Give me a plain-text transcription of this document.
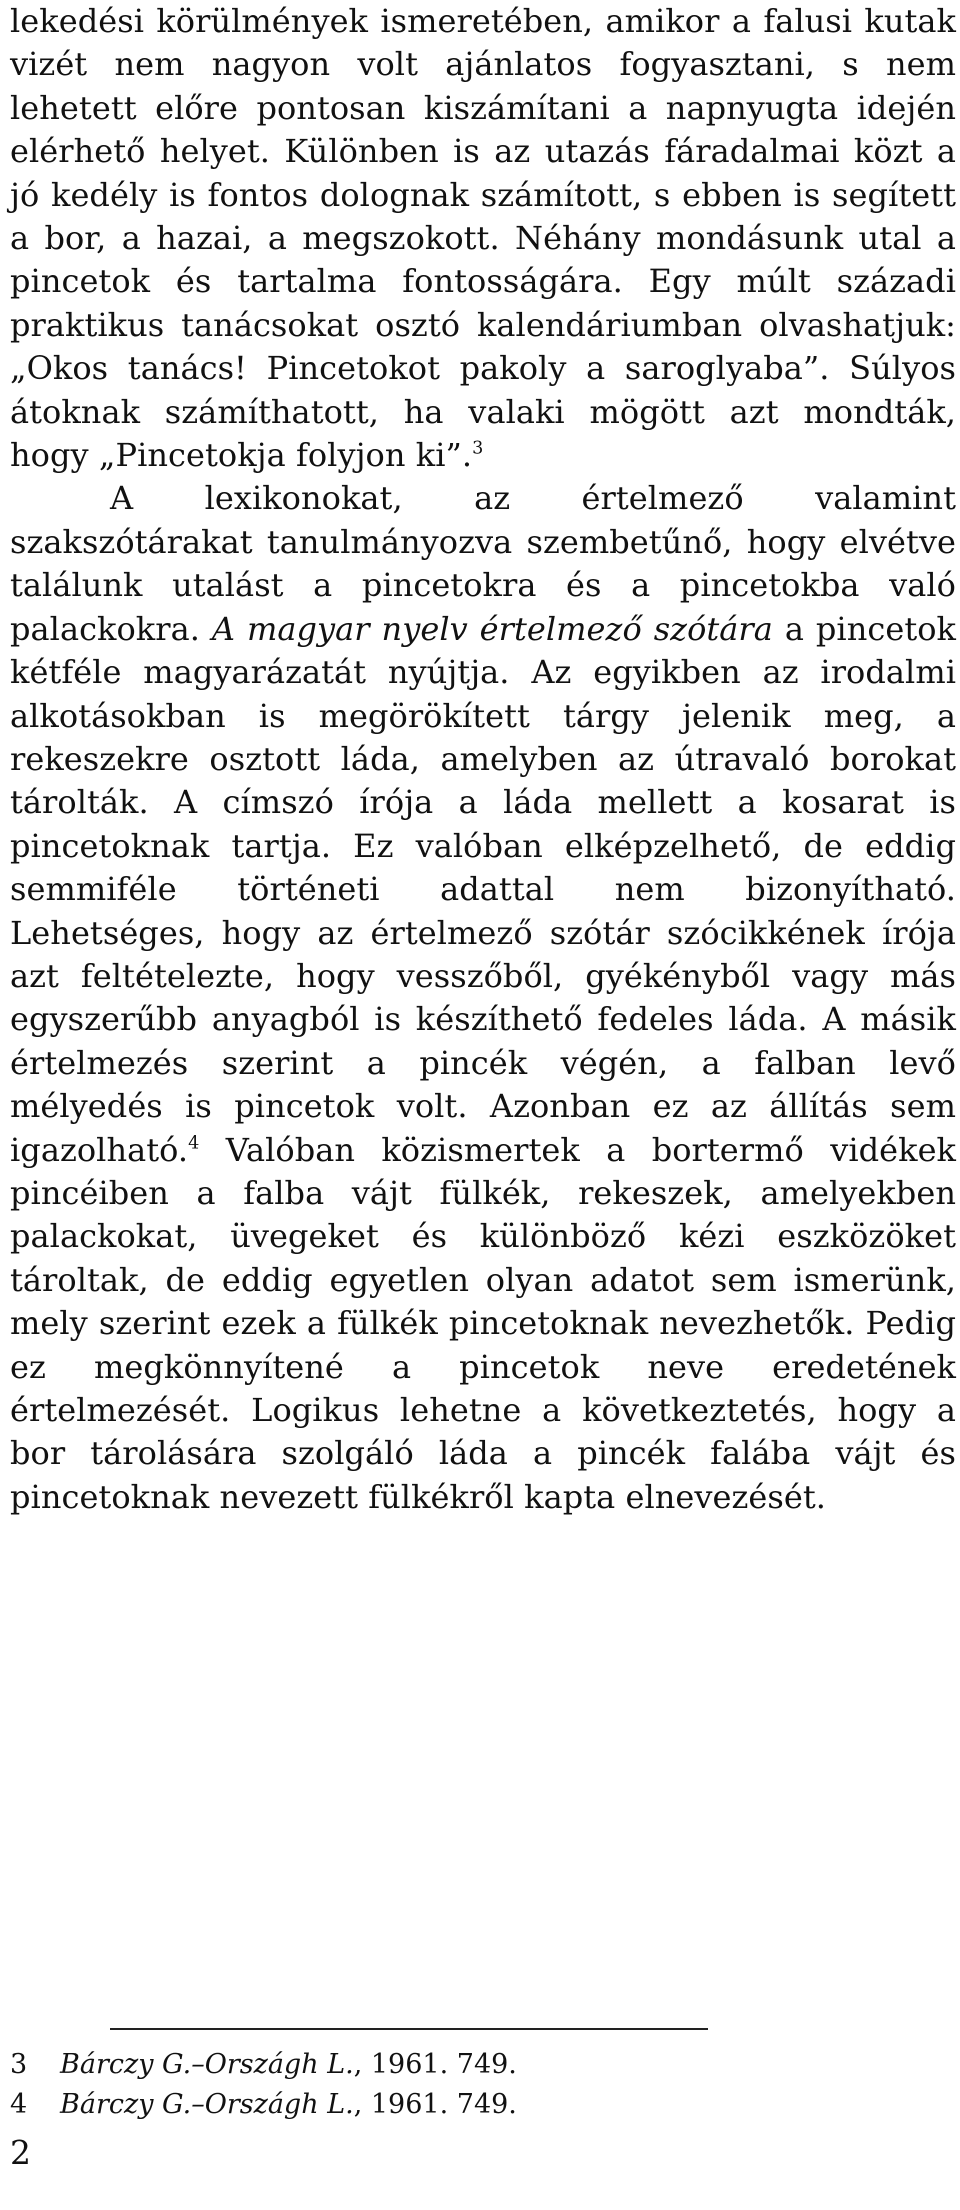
lekedési körülmények ismeretében, amikor a falusi kutak vizét nem nagyon volt ajánlatos fogyasztani, s nem lehetett előre pontosan kiszámítani a napnyugta idején elérhető helyet. Különben is az utazás fáradalmai közt a jó kedély is fontos dolognak számított, s ebben is segített a bor, a hazai, a megszokott. Néhány mondásunk utal a pincetok és tartalma fontosságára. Egy múlt századi praktikus tanácsokat osztó kalendáriumban olvashatjuk: „Okos tanács! Pincetokot pakoly a saroglyaba”. Súlyos átoknak számíthatott, ha valaki mögött azt mondták, hogy „Pincetokja folyjon ki”.$^3$

A lexikonokat, az értelmező valamint szakszótárakat tanulmányozva szembetűnő, hogy elvétve találunk utalást a pincetokra és a pincetokba való palackokra. A magyar nyelv értelmező szótára a pincetok kétféle magyarázatát nyújtja. Az egyikben az irodalmi alkotásokban is megörökített tárgy jelenik meg, a rekeszekre osztott láda, amelyben az útravaló borokat tárolták. A címszó írója a láda mellett a kosarat is pincetoknak tartja. Ez valóban elképzelhető, de eddig semmiféle történeti adattal nem bizonyítható. Lehetséges, hogy az értelmező szótár szócikkének írója azt feltételezte, hogy vesszőből, gyékényből vagy más egyszerűbb anyagból is készíthető fedeles láda. A másik értelmezés szerint a pincék végén, a falban levő mélyedés is pincetok volt. Azonban ez az állítás sem igazolható.$^4$ Valóban közismertek a bortermő vidékek pincéiben a falba vájt fülkék, rekeszek, amelyekben palackokat, üvegeket és különböző kézi eszközöket tároltak, de eddig egyetlen olyan adatot sem ismerünk, mely szerint ezek a fülkék pincetoknak nevezhetők. Pedig ez megkönnyítené a pincetok neve eredetének értelmezését. Logikus lehetne a következtetés, hogy a bor tárolására szolgáló láda a pincék falába vájt és pincetoknak nevezett fülkékről kapta elnevezését.

3	Bárczy G.–Országh L., 1961. 749.
4	Bárczy G.–Országh L., 1961. 749.
2
